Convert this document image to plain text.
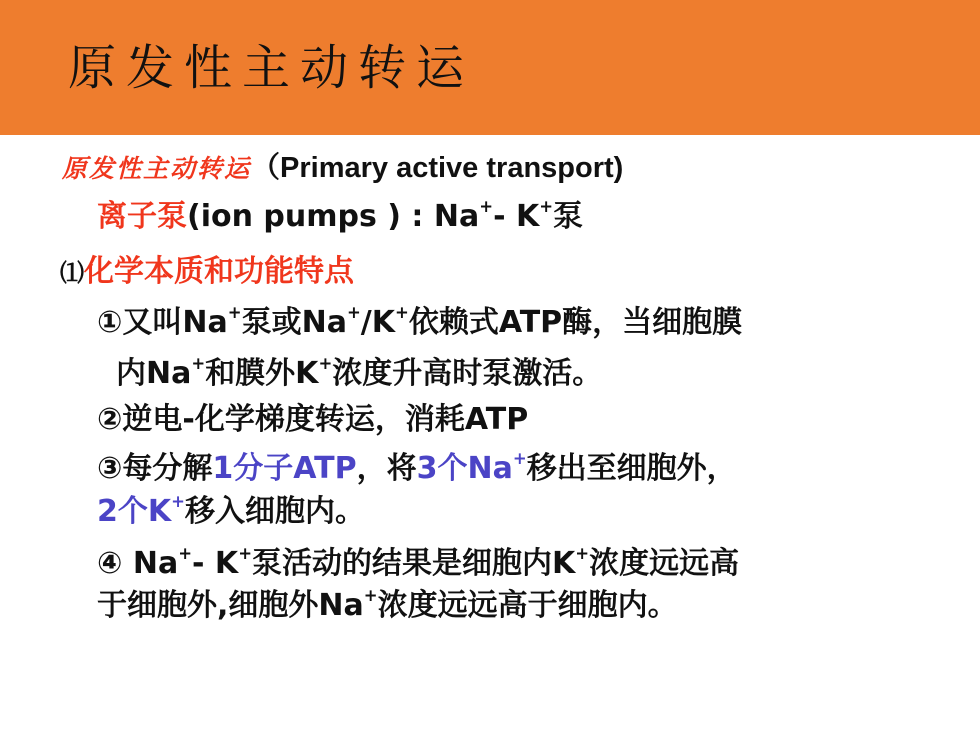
原发性主动转运
原发性主动转运（Primary active transport)
离子泵(ion pumps ) : Na+- K+泵
⑴化学本质和功能特点
①又叫Na+泵或Na+/K+依赖式ATP酶，当细胞膜
内Na+和膜外K+浓度升高时泵激活。
②逆电-化学梯度转运，消耗ATP
③每分解1分子ATP，将3个Na+移出至细胞外，
2个K+移入细胞内。
④ Na+- K+泵活动的结果是细胞内K+浓度远远高
于细胞外,细胞外Na+浓度远远高于细胞内。
